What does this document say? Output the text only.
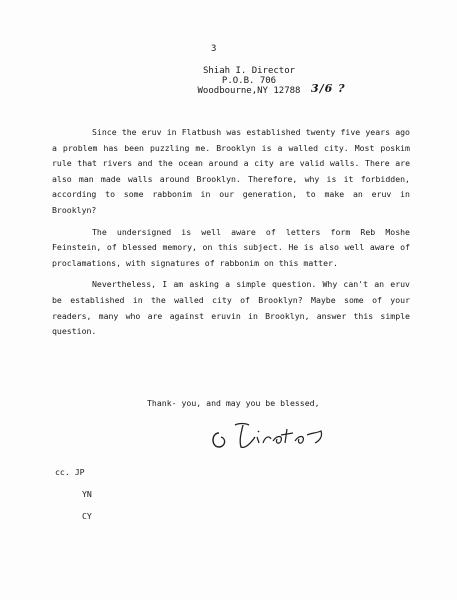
3
Shiah I. Director
P.O.B. 706
Woodbourne,NY 12788 3/6 ?

Since the eruv in Flatbush was established twenty five years ago a problem has been puzzling me. Brooklyn is a walled city. Most poskim rule that rivers and the ocean around a city are valid walls. There are also man made walls around Brooklyn. Therefore, why is it forbidden, according to some rabbonim in our generation, to make an eruv in Brooklyn?

The undersigned is well aware of letters form Reb Moshe Feinstein, of blessed memory, on this subject. He is also well aware of proclamations, with signatures of rabbonim on this matter.

Nevertheless, I am asking a simple question. Why can't an eruv be established in the walled city of Brooklyn? Maybe some of your readers, many who are against eruvin in Brooklyn, answer this simple question.

Thank- you, and may you be blessed,
cc. JP
YN
CY
